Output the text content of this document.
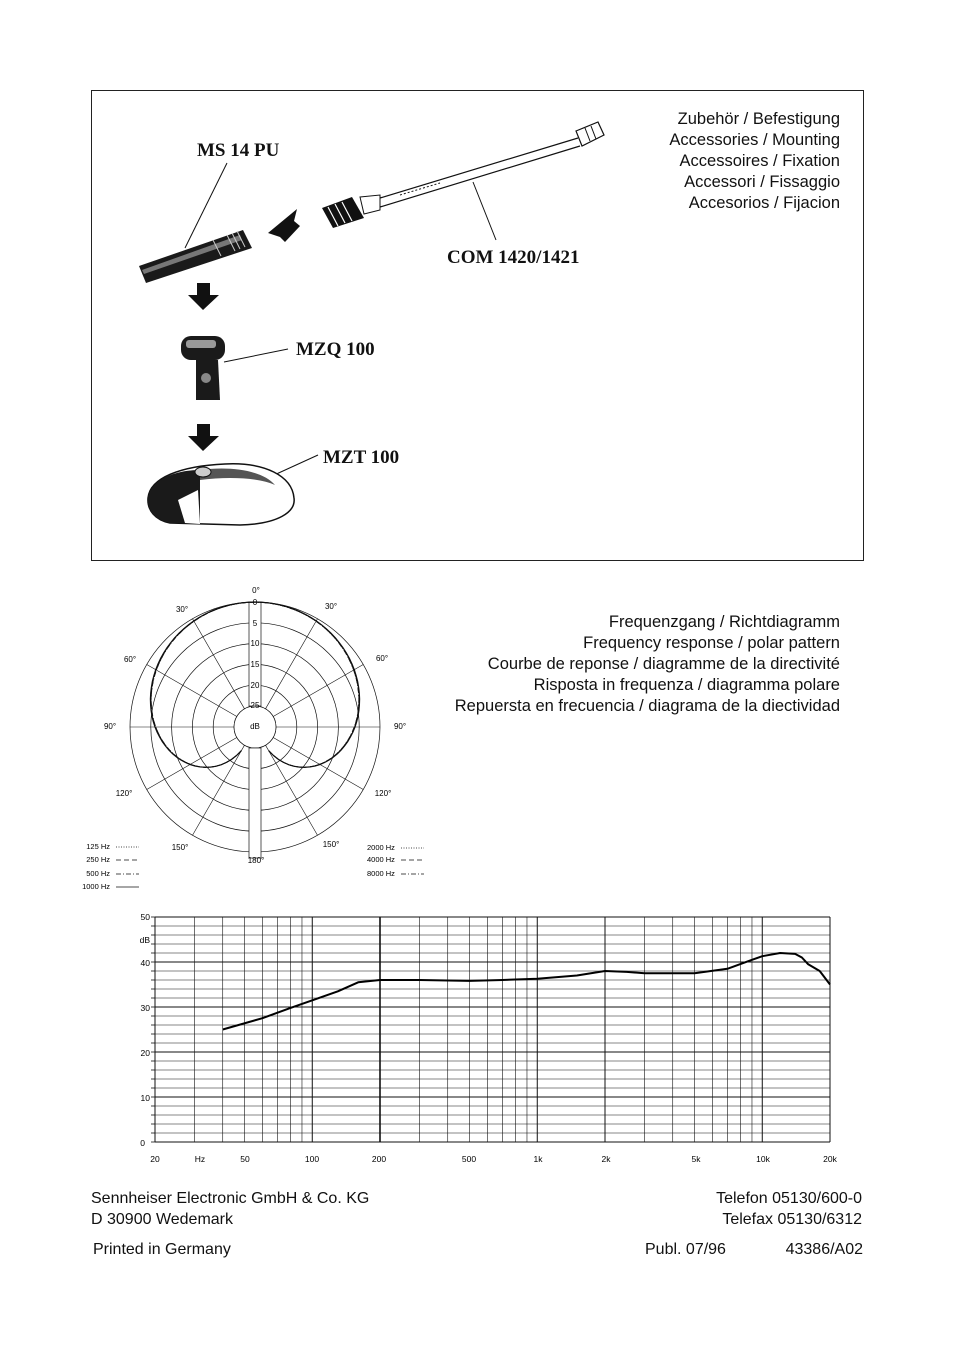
Zubehör / Befestigung
Accessories / Mounting
Accessoires / Fixation
Accessori / Fissaggio
Accesorios / Fijacion
MS 14 PU
COM 1420/1421
MZQ 100
MZT 100
0°
30°
60°
90°
120°
150°
180°
150°
120°
90°
60°
30°
0
5
10
15
20
25
dB
125 Hz
250 Hz
500 Hz
1000 Hz
2000 Hz
4000 Hz
8000 Hz
Frequenzgang / Richtdiagramm
Frequency response / polar pattern
Courbe de reponse / diagramme de la directivité
Risposta in frequenza / diagramma polare
Repuersta en frecuencia / diagrama de la diectividad
50
dB
40
30
20
10
0
20	Hz	50	100	200	500	1k	2k	5k	10k	20k
Sennheiser Electronic GmbH & Co. KG
D 30900 Wedemark
Printed in Germany
Telefon 05130/600-0
Telefax 05130/6312
Publ. 07/96	43386/A02
